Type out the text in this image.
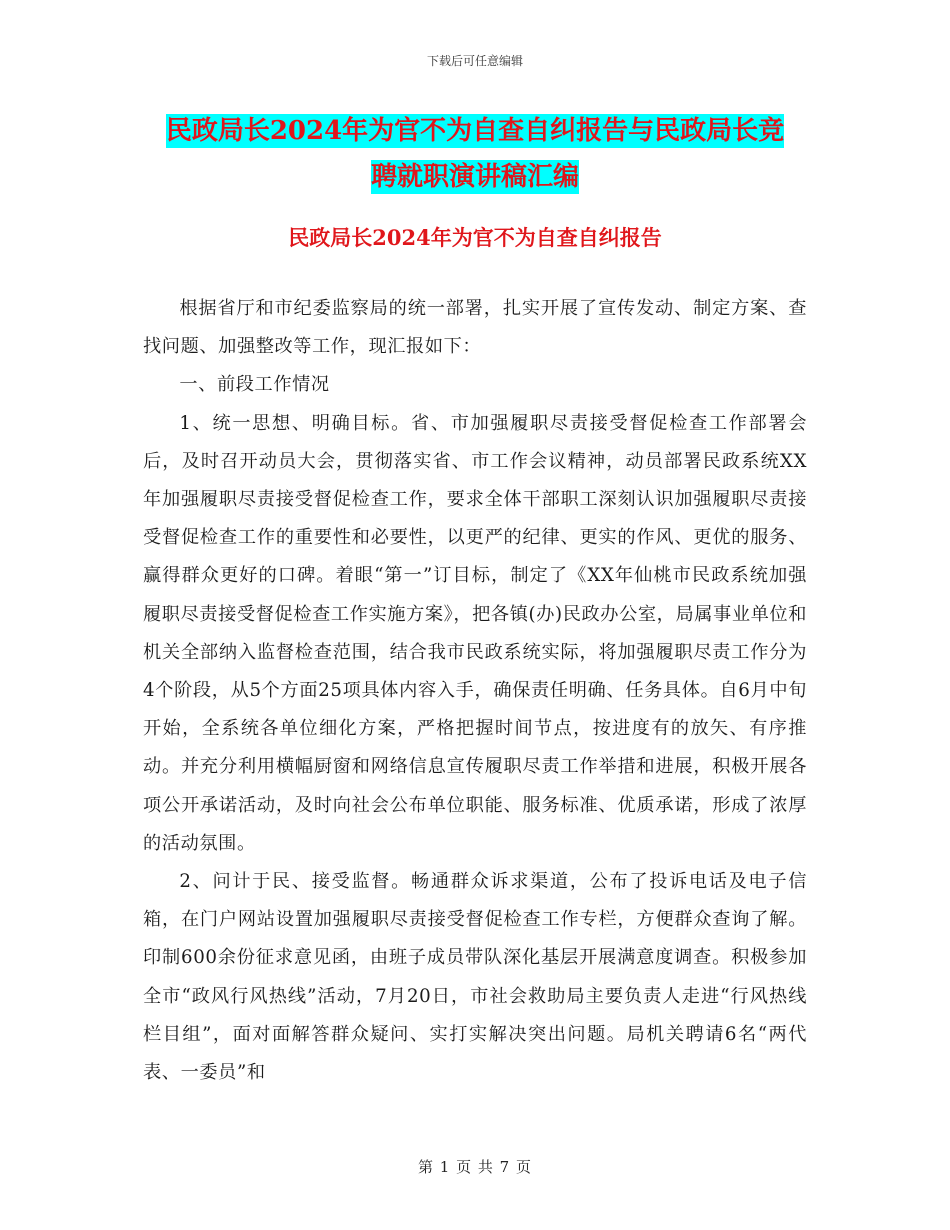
下载后可任意编辑
民政局长2024年为官不为自查自纠报告与民政局长竞
聘就职演讲稿汇编
民政局长2024年为官不为自查自纠报告

根据省厅和市纪委监察局的统一部署，扎实开展了宣传发动、制定方案、查找问题、加强整改等工作，现汇报如下：

一、前段工作情况

1、统一思想、明确目标。省、市加强履职尽责接受督促检查工作部署会后，及时召开动员大会，贯彻落实省、市工作会议精神，动员部署民政系统XX年加强履职尽责接受督促检查工作，要求全体干部职工深刻认识加强履职尽责接受督促检查工作的重要性和必要性，以更严的纪律、更实的作风、更优的服务、赢得群众更好的口碑。着眼“第一”订目标，制定了《XX年仙桃市民政系统加强履职尽责接受督促检查工作实施方案》，把各镇(办)民政办公室，局属事业单位和机关全部纳入监督检查范围，结合我市民政系统实际，将加强履职尽责工作分为4个阶段，从5个方面25项具体内容入手，确保责任明确、任务具体。自6月中旬开始，全系统各单位细化方案，严格把握时间节点，按进度有的放矢、有序推动。并充分利用横幅厨窗和网络信息宣传履职尽责工作举措和进展，积极开展各项公开承诺活动，及时向社会公布单位职能、服务标准、优质承诺，形成了浓厚的活动氛围。

2、问计于民、接受监督。畅通群众诉求渠道，公布了投诉电话及电子信箱，在门户网站设置加强履职尽责接受督促检查工作专栏，方便群众查询了解。印制600余份征求意见函，由班子成员带队深化基层开展满意度调查。积极参加全市“政风行风热线”活动，7月20日，市社会救助局主要负责人走进“行风热线栏目组”，面对面解答群众疑问、实打实解决突出问题。局机关聘请6名“两代表、一委员”和

第 1 页 共 7 页
